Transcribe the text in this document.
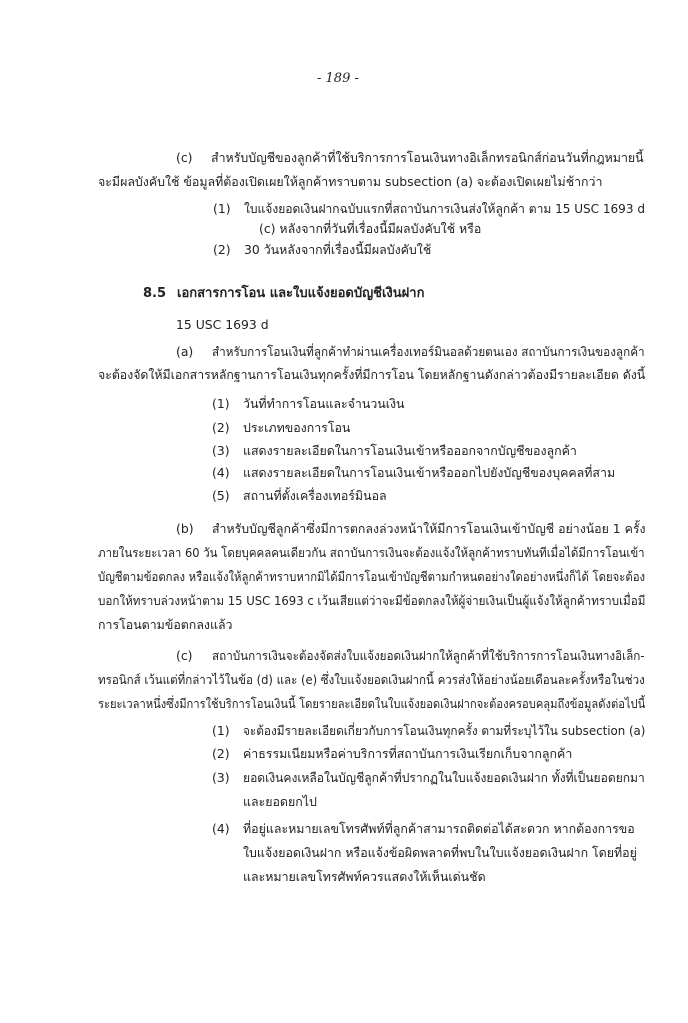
- 189 -
(c) สำหรับบัญชีของลูกค้าที่ใช้บริการการโอนเงินทางอิเล็กทรอนิกส์ก่อนวันที่กฎหมายนี้
จะมีผลบังคับใช้ ข้อมูลที่ต้องเปิดเผยให้ลูกค้าทราบตาม subsection (a) จะต้องเปิดเผยไม่ช้ากว่า
(1) ใบแจ้งยอดเงินฝากฉบับแรกที่สถาบันการเงินส่งให้ลูกค้า ตาม 15 USC 1693 d
(c) หลังจากที่วันที่เรื่องนี้มีผลบังคับใช้ หรือ
(2) 30 วันหลังจากที่เรื่องนี้มีผลบังคับใช้
8.5 เอกสารการโอน และใบแจ้งยอดบัญชีเงินฝาก
15 USC 1693 d
(a) สำหรับการโอนเงินที่ลูกค้าทำผ่านเครื่องเทอร์มินอลด้วยตนเอง สถาบันการเงินของลูกค้า
จะต้องจัดให้มีเอกสารหลักฐานการโอนเงินทุกครั้งที่มีการโอน โดยหลักฐานดังกล่าวต้องมีรายละเอียด ดังนี้
(1) วันที่ทำการโอนและจำนวนเงิน
(2) ประเภทของการโอน
(3) แสดงรายละเอียดในการโอนเงินเข้าหรือออกจากบัญชีของลูกค้า
(4) แสดงรายละเอียดในการโอนเงินเข้าหรือออกไปยังบัญชีของบุคคลที่สาม
(5) สถานที่ตั้งเครื่องเทอร์มินอล
(b) สำหรับบัญชีลูกค้าซึ่งมีการตกลงล่วงหน้าให้มีการโอนเงินเข้าบัญชี อย่างน้อย 1 ครั้ง
ภายในระยะเวลา 60 วัน โดยบุคคลคนเดียวกัน สถาบันการเงินจะต้องแจ้งให้ลูกค้าทราบทันทีเมื่อได้มีการโอนเข้า
บัญชีตามข้อตกลง หรือแจ้งให้ลูกค้าทราบหากมิได้มีการโอนเข้าบัญชีตามกำหนดอย่างใดอย่างหนึ่งก็ได้ โดยจะต้อง
บอกให้ทราบล่วงหน้าตาม 15 USC 1693 c เว้นเสียแต่ว่าจะมีข้อตกลงให้ผู้จ่ายเงินเป็นผู้แจ้งให้ลูกค้าทราบเมื่อมี
การโอนตามข้อตกลงแล้ว
(c) สถาบันการเงินจะต้องจัดส่งใบแจ้งยอดเงินฝากให้ลูกค้าที่ใช้บริการการโอนเงินทางอิเล็ก-
ทรอนิกส์ เว้นแต่ที่กล่าวไว้ในข้อ (d) และ (e) ซึ่งใบแจ้งยอดเงินฝากนี้ ควรส่งให้อย่างน้อยเดือนละครั้งหรือในช่วง
ระยะเวลาหนึ่งซึ่งมีการใช้บริการโอนเงินนี้ โดยรายละเอียดในใบแจ้งยอดเงินฝากจะต้องครอบคลุมถึงข้อมูลดังต่อไปนี้
(1) จะต้องมีรายละเอียดเกี่ยวกับการโอนเงินทุกครั้ง ตามที่ระบุไว้ใน subsection (a)
(2) ค่าธรรมเนียมหรือค่าบริการที่สถาบันการเงินเรียกเก็บจากลูกค้า
(3) ยอดเงินคงเหลือในบัญชีลูกค้าที่ปรากฏในใบแจ้งยอดเงินฝาก ทั้งที่เป็นยอดยกมา
และยอดยกไป
(4) ที่อยู่และหมายเลขโทรศัพท์ที่ลูกค้าสามารถติดต่อได้สะดวก หากต้องการขอ
ใบแจ้งยอดเงินฝาก หรือแจ้งข้อผิดพลาดที่พบในใบแจ้งยอดเงินฝาก โดยที่อยู่
และหมายเลขโทรศัพท์ควรแสดงให้เห็นเด่นชัด
